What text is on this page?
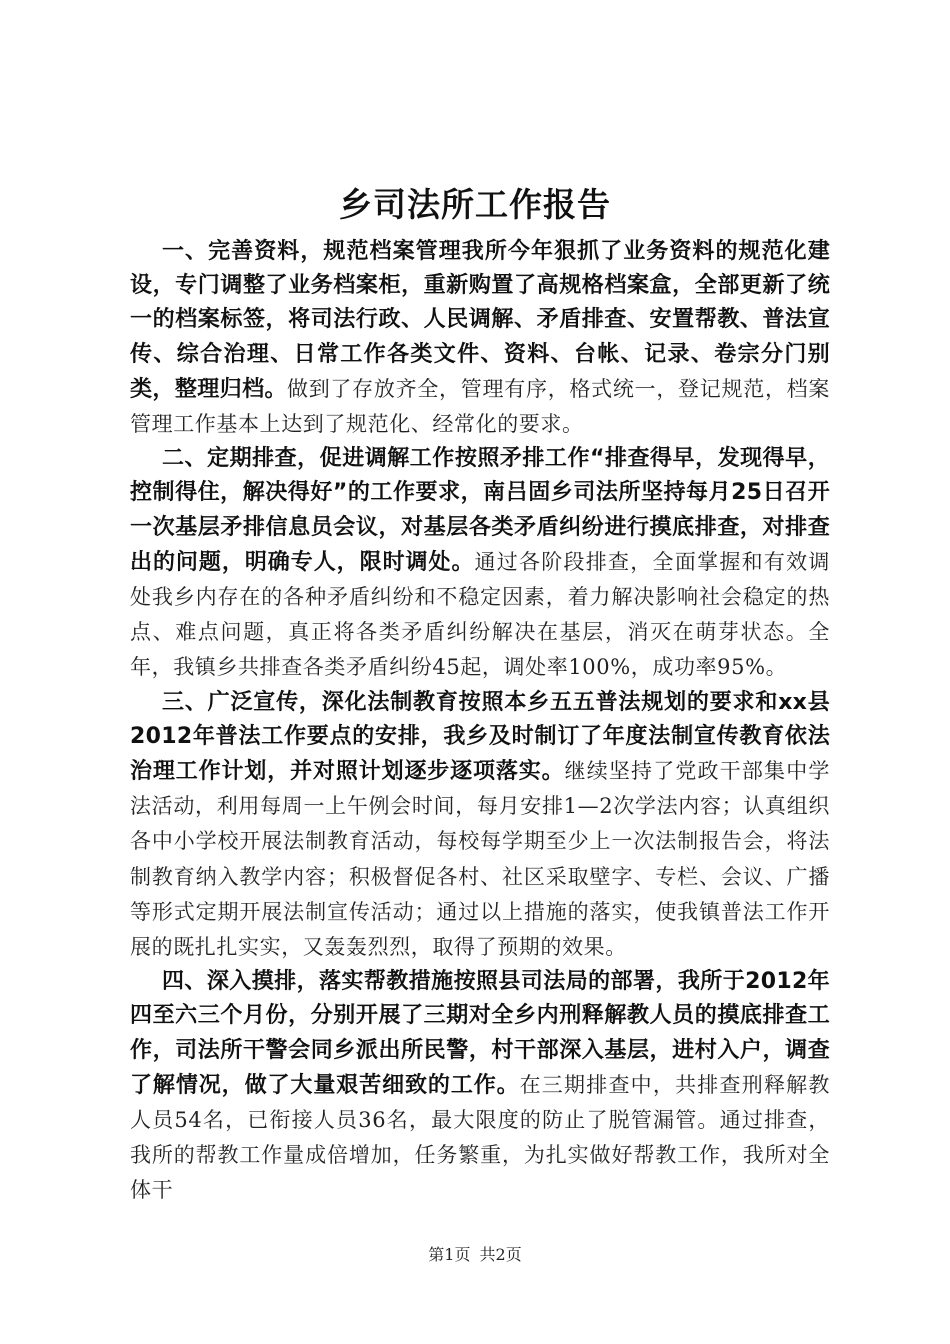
乡司法所工作报告

一、完善资料，规范档案管理我所今年狠抓了业务资料的规范化建设，专门调整了业务档案柜，重新购置了高规格档案盒，全部更新了统一的档案标签，将司法行政、人民调解、矛盾排查、安置帮教、普法宣传、综合治理、日常工作各类文件、资料、台帐、记录、卷宗分门别类，整理归档。做到了存放齐全，管理有序，格式统一，登记规范，档案管理工作基本上达到了规范化、经常化的要求。

二、定期排查，促进调解工作按照矛排工作“排查得早，发现得早，控制得住，解决得好”的工作要求，南吕固乡司法所坚持每月25日召开一次基层矛排信息员会议，对基层各类矛盾纠纷进行摸底排查，对排查出的问题，明确专人，限时调处。通过各阶段排查，全面掌握和有效调处我乡内存在的各种矛盾纠纷和不稳定因素，着力解决影响社会稳定的热点、难点问题，真正将各类矛盾纠纷解决在基层，消灭在萌芽状态。全年，我镇乡共排查各类矛盾纠纷45起，调处率100%，成功率95%。

三、广泛宣传，深化法制教育按照本乡五五普法规划的要求和xx县2012年普法工作要点的安排，我乡及时制订了年度法制宣传教育依法治理工作计划，并对照计划逐步逐项落实。继续坚持了党政干部集中学法活动，利用每周一上午例会时间，每月安排1—2次学法内容；认真组织各中小学校开展法制教育活动，每校每学期至少上一次法制报告会，将法制教育纳入教学内容；积极督促各村、社区采取壁字、专栏、会议、广播等形式定期开展法制宣传活动；通过以上措施的落实，使我镇普法工作开展的既扎扎实实，又轰轰烈烈，取得了预期的效果。

四、深入摸排，落实帮教措施按照县司法局的部署，我所于2012年四至六三个月份，分别开展了三期对全乡内刑释解教人员的摸底排查工作，司法所干警会同乡派出所民警，村干部深入基层，进村入户，调查了解情况，做了大量艰苦细致的工作。在三期排查中，共排查刑释解教人员54名，已衔接人员36名，最大限度的防止了脱管漏管。通过排查，我所的帮教工作量成倍增加，任务繁重，为扎实做好帮教工作，我所对全体干

第1页 共2页
